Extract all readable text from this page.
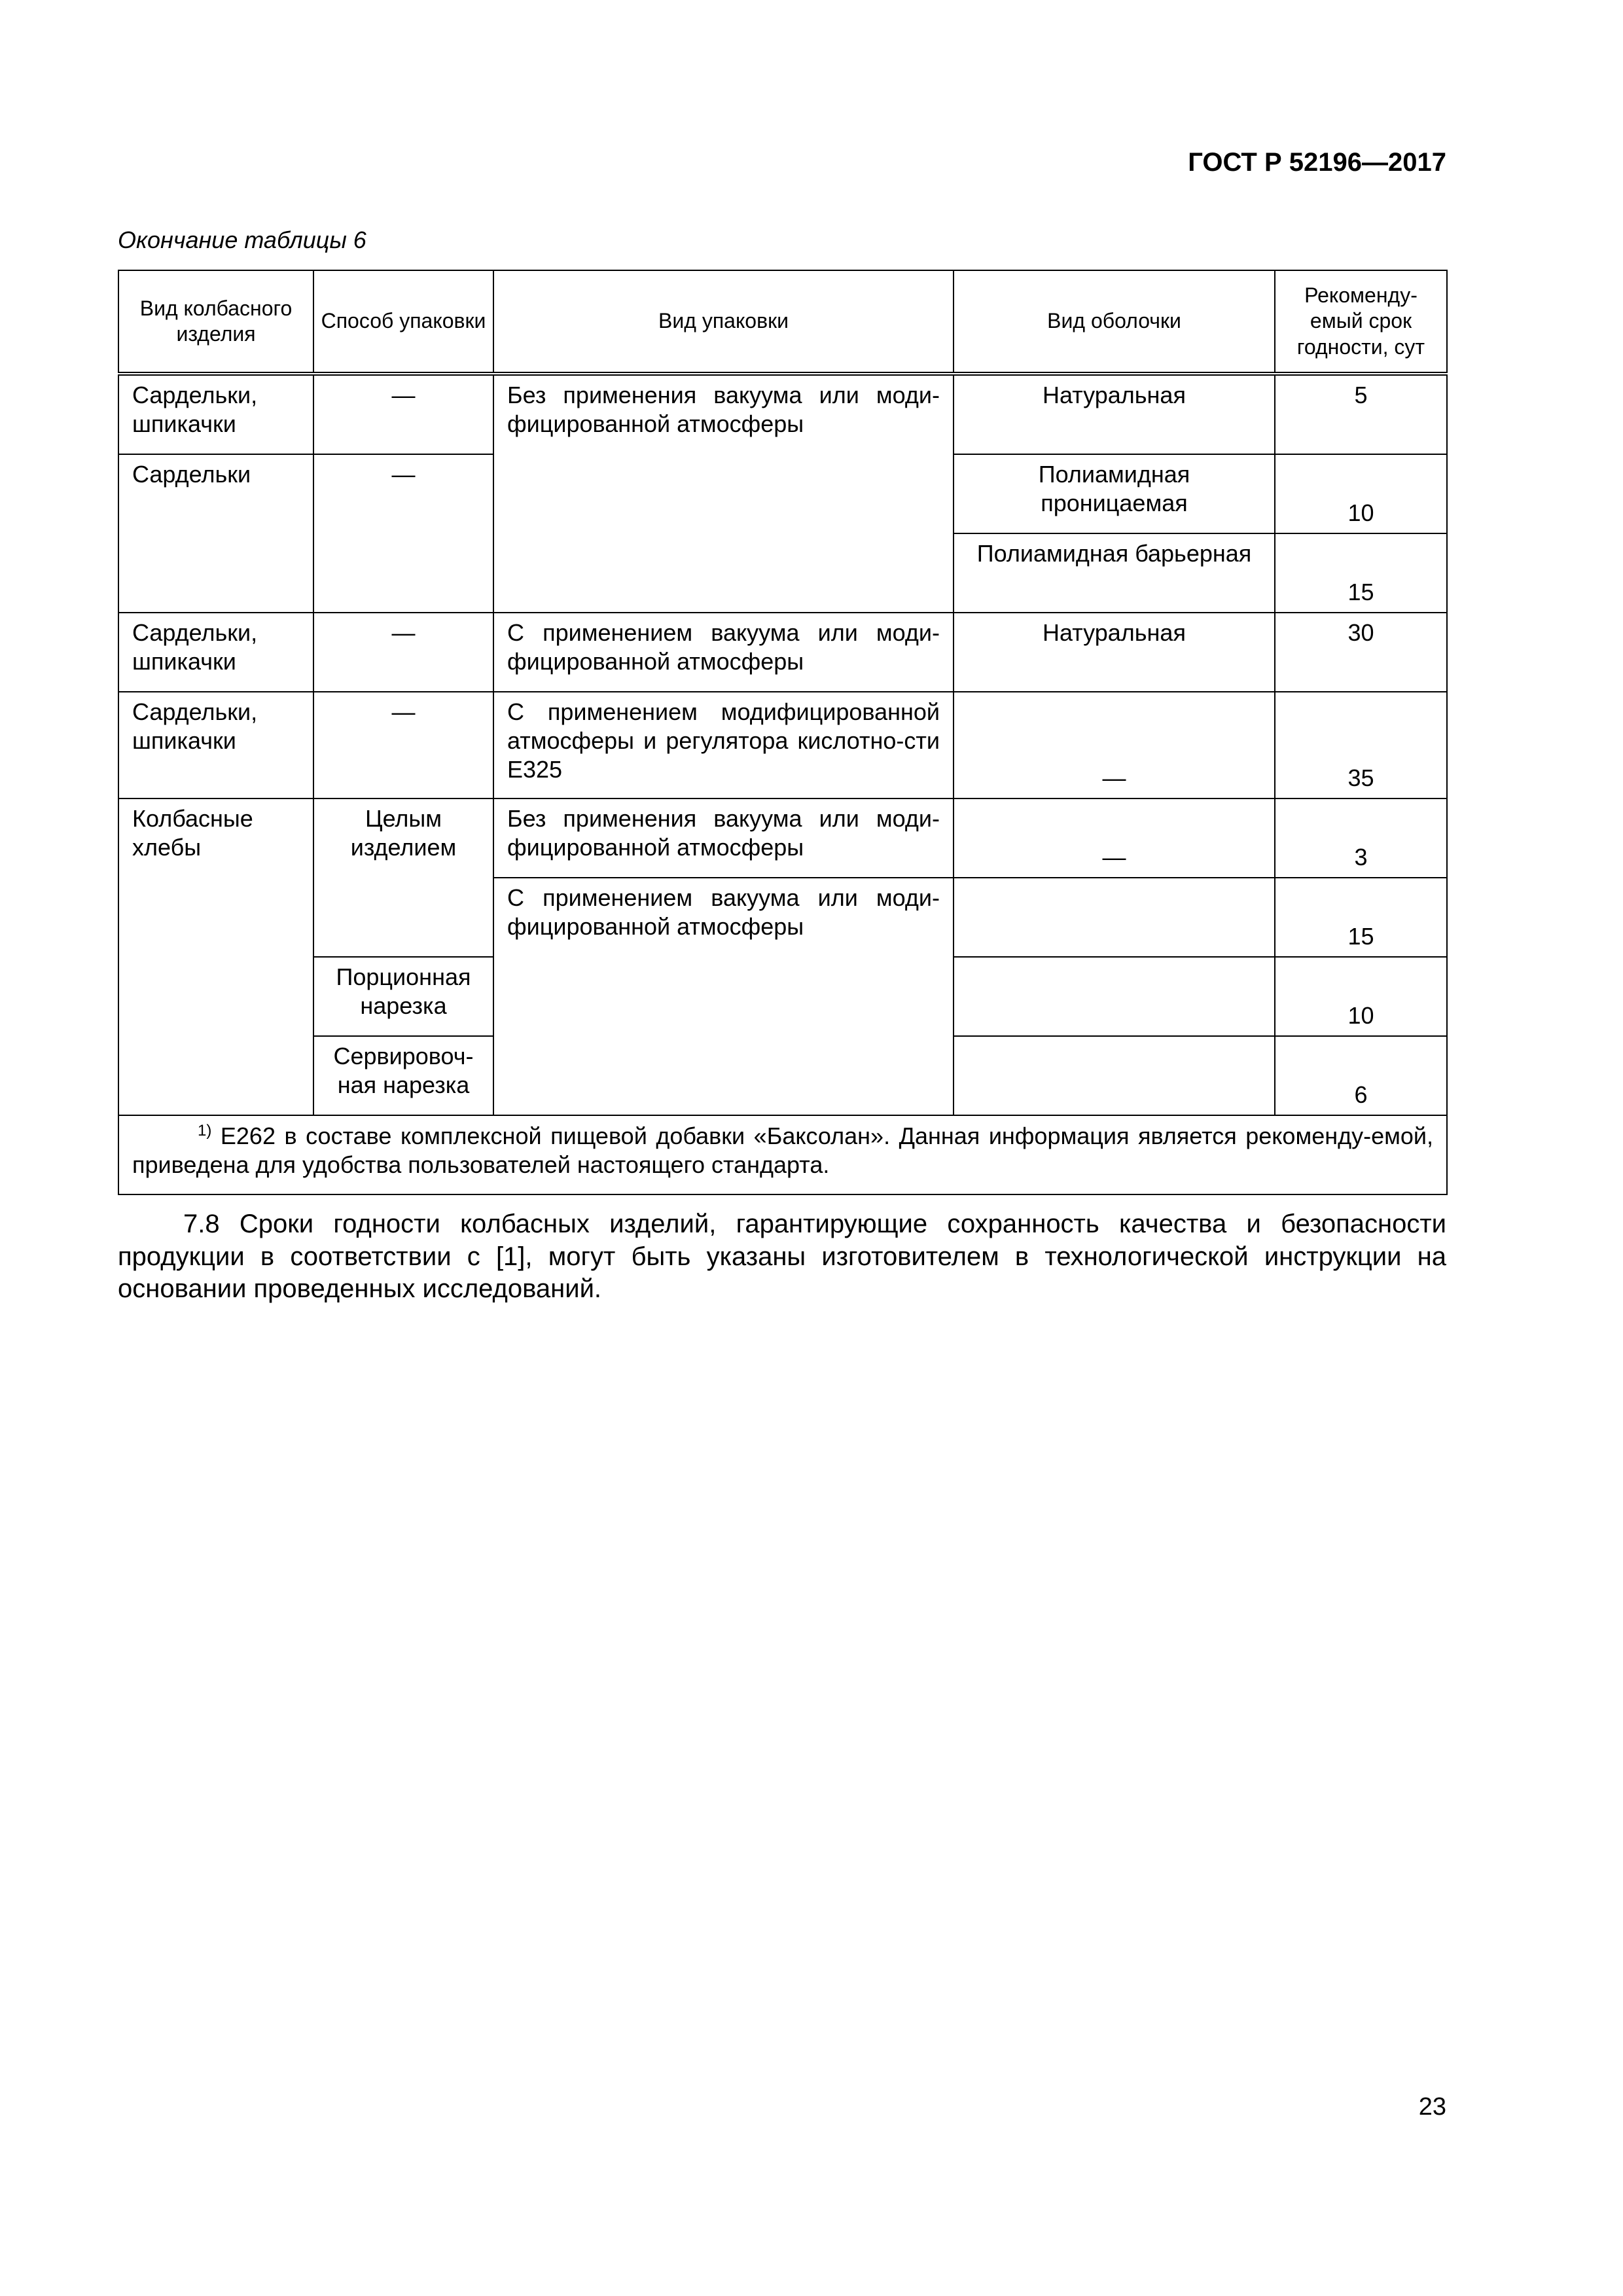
ГОСТ Р 52196—2017
Окончание таблицы 6
Вид колбасного изделия	Способ упаковки	Вид упаковки	Вид оболочки	Рекоменду-емый срок годности, сут
Сардельки, шпикачки	—	Без применения вакуума или моди-фицированной атмосферы	Натуральная	5
Сардельки	—		Полиамидная проницаемая	10
			Полиамидная барьерная	15
Сардельки, шпикачки	—	С применением вакуума или моди-фицированной атмосферы	Натуральная	30
Сардельки, шпикачки	—	С применением модифицированной атмосферы и регулятора кислотно-сти Е325	—	35
Колбасные хлебы	Целым изделием	Без применения вакуума или моди-фицированной атмосферы	—	3
		С применением вакуума или моди-фицированной атмосферы		15
	Порционная нарезка			10
	Сервировоч-ная нарезка			6
$^{1)}$ Е262 в составе комплексной пищевой добавки «Баксолан». Данная информация является рекоменду-емой, приведена для удобства пользователей настоящего стандарта.				
7.8 Сроки годности колбасных изделий, гарантирующие сохранность качества и безопасности продукции в соответствии с [1], могут быть указаны изготовителем в технологической инструкции на основании проведенных исследований.
23
